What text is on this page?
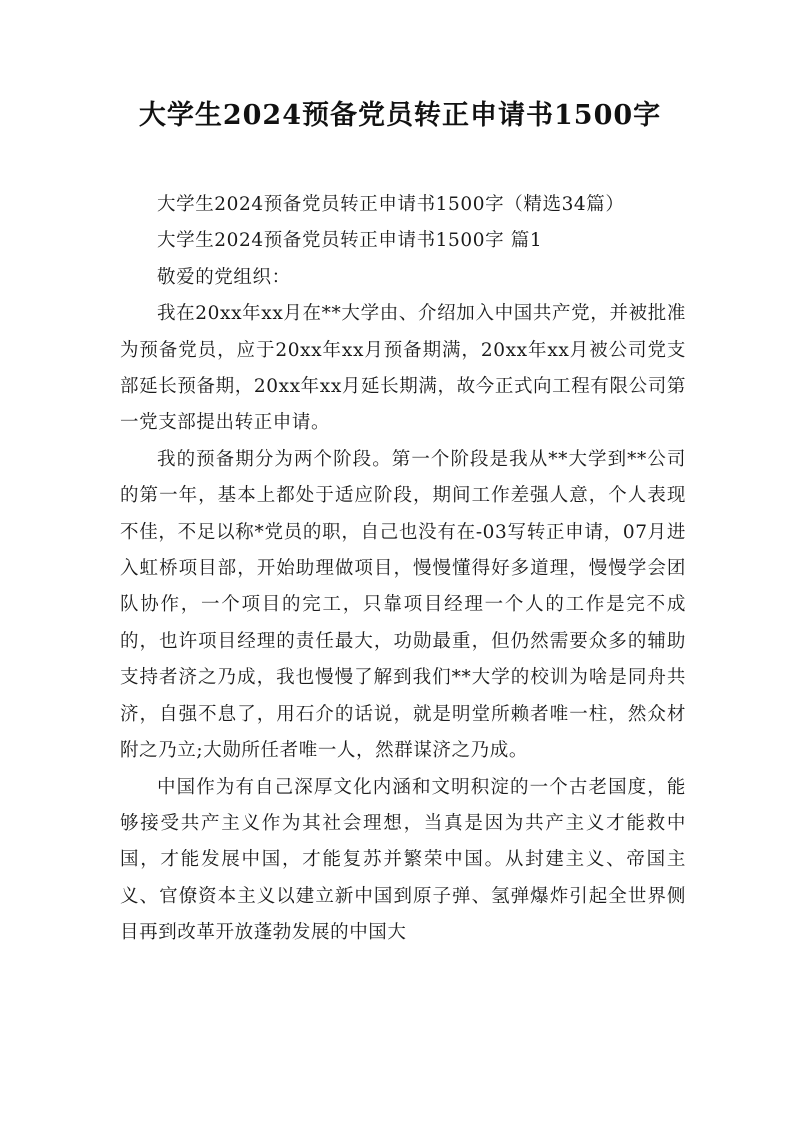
大学生2024预备党员转正申请书1500字

大学生2024预备党员转正申请书1500字（精选34篇）

大学生2024预备党员转正申请书1500字 篇1

敬爱的党组织：

我在20xx年xx月在**大学由、介绍加入中国共产党，并被批准为预备党员，应于20xx年xx月预备期满，20xx年xx月被公司党支部延长预备期，20xx年xx月延长期满，故今正式向工程有限公司第一党支部提出转正申请。

我的预备期分为两个阶段。第一个阶段是我从**大学到**公司的第一年，基本上都处于适应阶段，期间工作差强人意，个人表现不佳，不足以称*党员的职，自己也没有在-03写转正申请，07月进入虹桥项目部，开始助理做项目，慢慢懂得好多道理，慢慢学会团队协作，一个项目的完工，只靠项目经理一个人的工作是完不成的，也许项目经理的责任最大，功勋最重，但仍然需要众多的辅助支持者济之乃成，我也慢慢了解到我们**大学的校训为啥是同舟共济，自强不息了，用石介的话说，就是明堂所赖者唯一柱，然众材附之乃立;大勋所任者唯一人，然群谋济之乃成。

中国作为有自己深厚文化内涵和文明积淀的一个古老国度，能够接受共产主义作为其社会理想，当真是因为共产主义才能救中国，才能发展中国，才能复苏并繁荣中国。从封建主义、帝国主义、官僚资本主义以建立新中国到原子弹、氢弹爆炸引起全世界侧目再到改革开放蓬勃发展的中国大
